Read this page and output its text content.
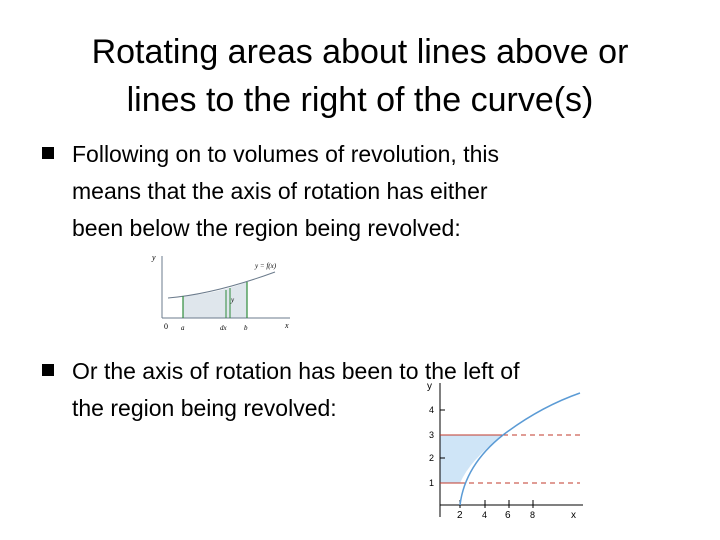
Rotating areas about lines above or
lines to the right of the curve(s)
Following on to volumes of revolution, this
means that the axis of rotation has either
been below the region being revolved:
y
x
y = f(x)
0 a	dx b
y
Or the axis of rotation has been to the left of
the region being revolved:
y
x
1
2
3
4
2 4 6 8
